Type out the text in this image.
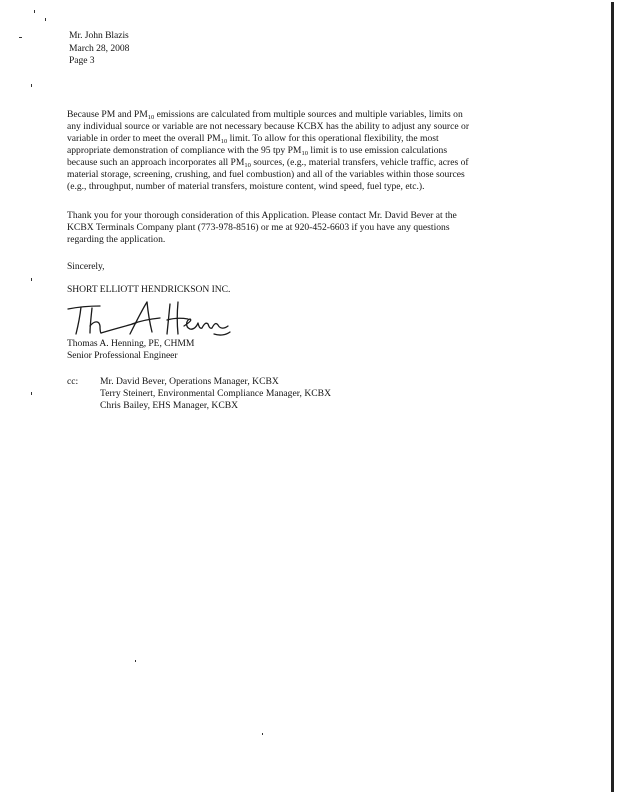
Mr. John Blazis
March 28, 2008
Page 3
Because PM and $PM_{10}$ emissions are calculated from multiple sources and multiple variables, limits on
any individual source or variable are not necessary because KCBX has the ability to adjust any source or
variable in order to meet the overall $PM_{10}$ limit. To allow for this operational flexibility, the most
appropriate demonstration of compliance with the 95 tpy $PM_{10}$ limit is to use emission calculations
because such an approach incorporates all $PM_{10}$ sources, (e.g., material transfers, vehicle traffic, acres of
material storage, screening, crushing, and fuel combustion) and all of the variables within those sources
(e.g., throughput, number of material transfers, moisture content, wind speed, fuel type, etc.).
Thank you for your thorough consideration of this Application. Please contact Mr. David Bever at the
KCBX Terminals Company plant (773-978-8516) or me at 920-452-6603 if you have any questions
regarding the application.
Sincerely,
SHORT ELLIOTT HENDRICKSON INC.
Thomas A. Henning, PE, CHMM
Senior Professional Engineer
cc: Mr. David Bever, Operations Manager, KCBX
Terry Steinert, Environmental Compliance Manager, KCBX
Chris Bailey, EHS Manager, KCBX
